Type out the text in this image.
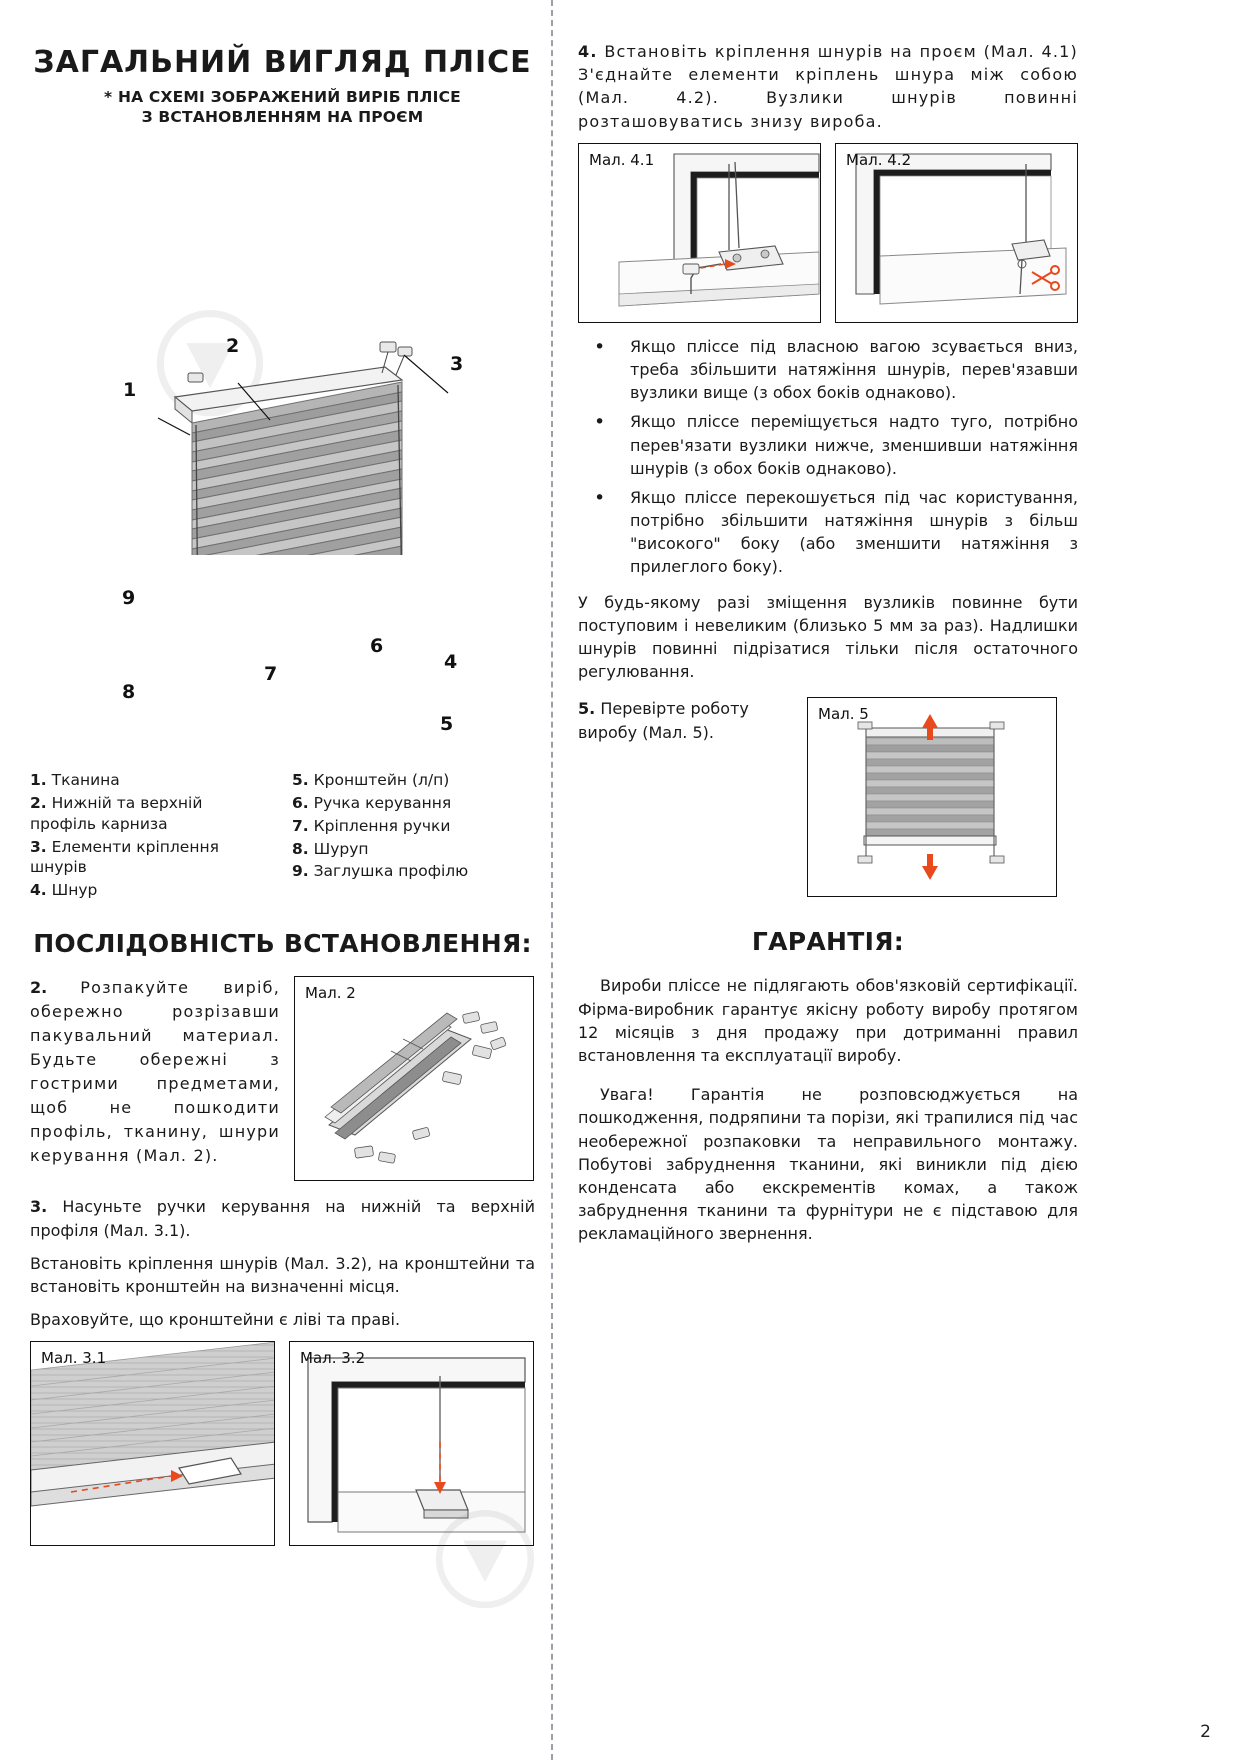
ЗАГАЛЬНИЙ ВИГЛЯД ПЛІСЕ
* НА СХЕМІ ЗОБРАЖЕНИЙ ВИРІБ ПЛІСЕ
З ВСТАНОВЛЕННЯМ НА ПРОЄМ
1
2
3
4
5
6
7
8
9
1. Тканина
2. Нижній та верхній профіль карниза
3. Елементи кріплення шнурів
4. Шнур
5. Кронштейн (л/п)
6. Ручка керування
7. Кріплення ручки
8. Шуруп
9. Заглушка профілю
ПОСЛІДОВНІСТЬ ВСТАНОВЛЕННЯ:
2. Розпакуйте виріб, обережно розрізавши пакувальний материал. Будьте обережні з гострими предметами, щоб не пошкодити профіль, тканину, шнури керування (Мал. 2).
Мал. 2

3. Насуньте ручки керування на нижній та верхній профіля (Мал. 3.1).

Встановіть кріплення шнурів (Мал. 3.2), на кронштейни та встановіть кронштейн на визначенні місця.

Враховуйте, що кронштейни є ліві та праві.

Мал. 3.1	Мал. 3.2

4. Встановіть кріплення шнурів на проєм (Мал. 4.1) З'єднайте елементи кріплень шнура між собою (Мал. 4.2). Вузлики шнурів повинні розташовуватись знизу вироба.

Мал. 4.1	Мал. 4.2
• Якщо пліссе під власною вагою зсувається вниз, треба збільшити натяжіння шнурів, перев'язавши вузлики вище (з обох боків однаково).
• Якщо пліссе переміщується надто туго, потрібно перев'язати вузлики нижче, зменшивши натяжіння шнурів (з обох боків однаково).
• Якщо пліссе перекошується під час користування, потрібно збільшити натяжіння шнурів з більш "високого" боку (або зменшити натяжіння з прилеглого боку).

У будь-якому разі зміщення вузликів повинне бути поступовим і невеликим (близько 5 мм за раз). Надлишки шнурів повинні підрізатися тільки після остаточного регулювання.

5. Перевірте роботу виробу (Мал. 5).
Мал. 5
ГАРАНТІЯ:

Вироби пліссе не підлягають обов'язковій сертифікації. Фірма-виробник гарантує якісну роботу виробу протягом 12 місяців з дня продажу при дотриманні правил встановлення та експлуатації виробу.

Увага! Гарантія не розповсюджується на пошкодження, подряпини та порізи, які трапилися під час необережної розпаковки та неправильного монтажу. Побутові забруднення тканини, які виникли під дією конденсата або екскрементів комах, а також забруднення тканини та фурнітури не є підставою для рекламаційного звернення.

2
